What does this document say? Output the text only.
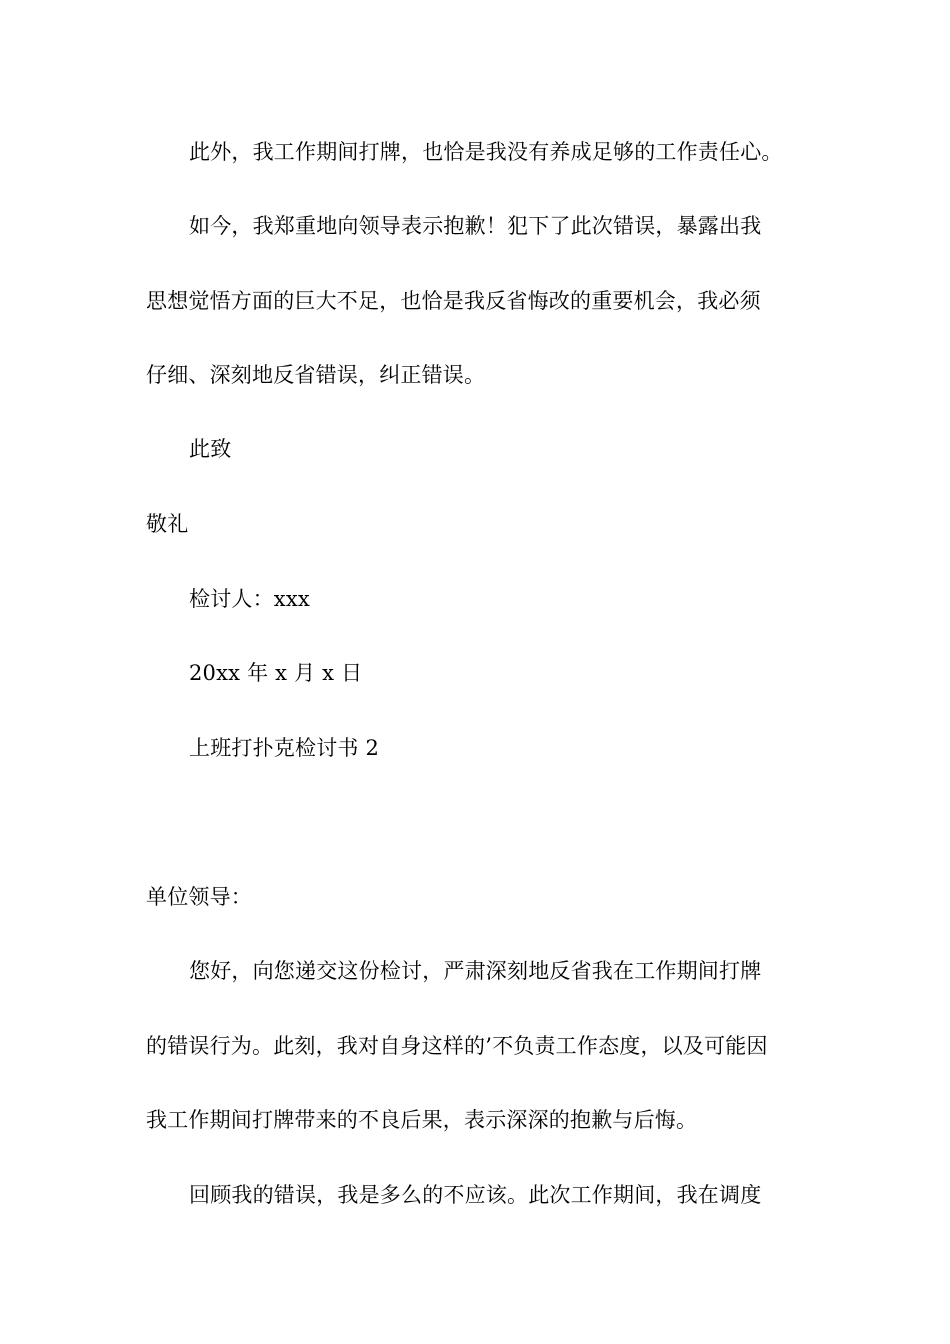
此外，我工作期间打牌，也恰是我没有养成足够的工作责任心。
如今，我郑重地向领导表示抱歉！犯下了此次错误，暴露出我
思想觉悟方面的巨大不足，也恰是我反省悔改的重要机会，我必须
仔细、深刻地反省错误，纠正错误。
此致
敬礼
检讨人：xxx
20xx 年 x 月 x 日
上班打扑克检讨书 2
单位领导：
您好，向您递交这份检讨，严肃深刻地反省我在工作期间打牌
的错误行为。此刻，我对自身这样的’不负责工作态度，以及可能因
我工作期间打牌带来的不良后果，表示深深的抱歉与后悔。
回顾我的错误，我是多么的不应该。此次工作期间，我在调度
